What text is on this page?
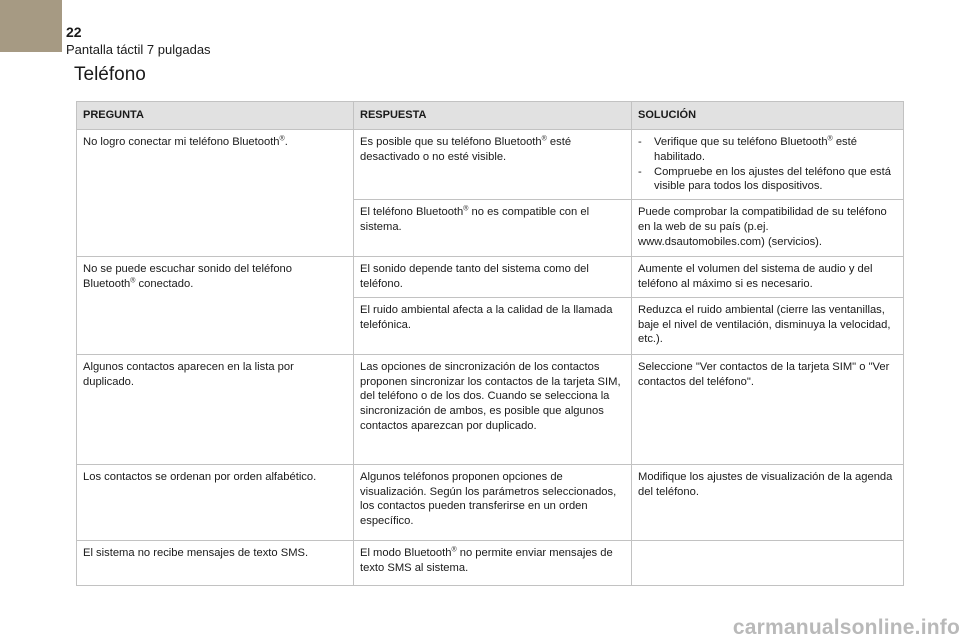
22
Pantalla táctil 7 pulgadas
Teléfono
PREGUNTA	RESPUESTA	SOLUCIÓN
No logro conectar mi teléfono Bluetooth®.	Es posible que su teléfono Bluetooth® esté desactivado o no esté visible.	- Verifique que su teléfono Bluetooth® esté habilitado.
- Compruebe en los ajustes del teléfono que está visible para todos los dispositivos.

	El teléfono Bluetooth® no es compatible con el sistema.	Puede comprobar la compatibilidad de su teléfono en la web de su país (p.ej. www.dsautomobiles.com) (servicios).
No se puede escuchar sonido del teléfono Bluetooth® conectado.	El sonido depende tanto del sistema como del teléfono.	Aumente el volumen del sistema de audio y del teléfono al máximo si es necesario.
	El ruido ambiental afecta a la calidad de la llamada telefónica.	Reduzca el ruido ambiental (cierre las ventanillas, baje el nivel de ventilación, disminuya la velocidad, etc.).
Algunos contactos aparecen en la lista por duplicado.	Las opciones de sincronización de los contactos proponen sincronizar los contactos de la tarjeta SIM, del teléfono o de los dos. Cuando se selecciona la sincronización de ambos, es posible que algunos contactos aparezcan por duplicado.	Seleccione "Ver contactos de la tarjeta SIM" o "Ver contactos del teléfono".
Los contactos se ordenan por orden alfabético.	Algunos teléfonos proponen opciones de visualización. Según los parámetros seleccionados, los contactos pueden transferirse en un orden específico.	Modifique los ajustes de visualización de la agenda del teléfono.
El sistema no recibe mensajes de texto SMS.	El modo Bluetooth® no permite enviar mensajes de texto SMS al sistema.	
carmanualsonline.info
